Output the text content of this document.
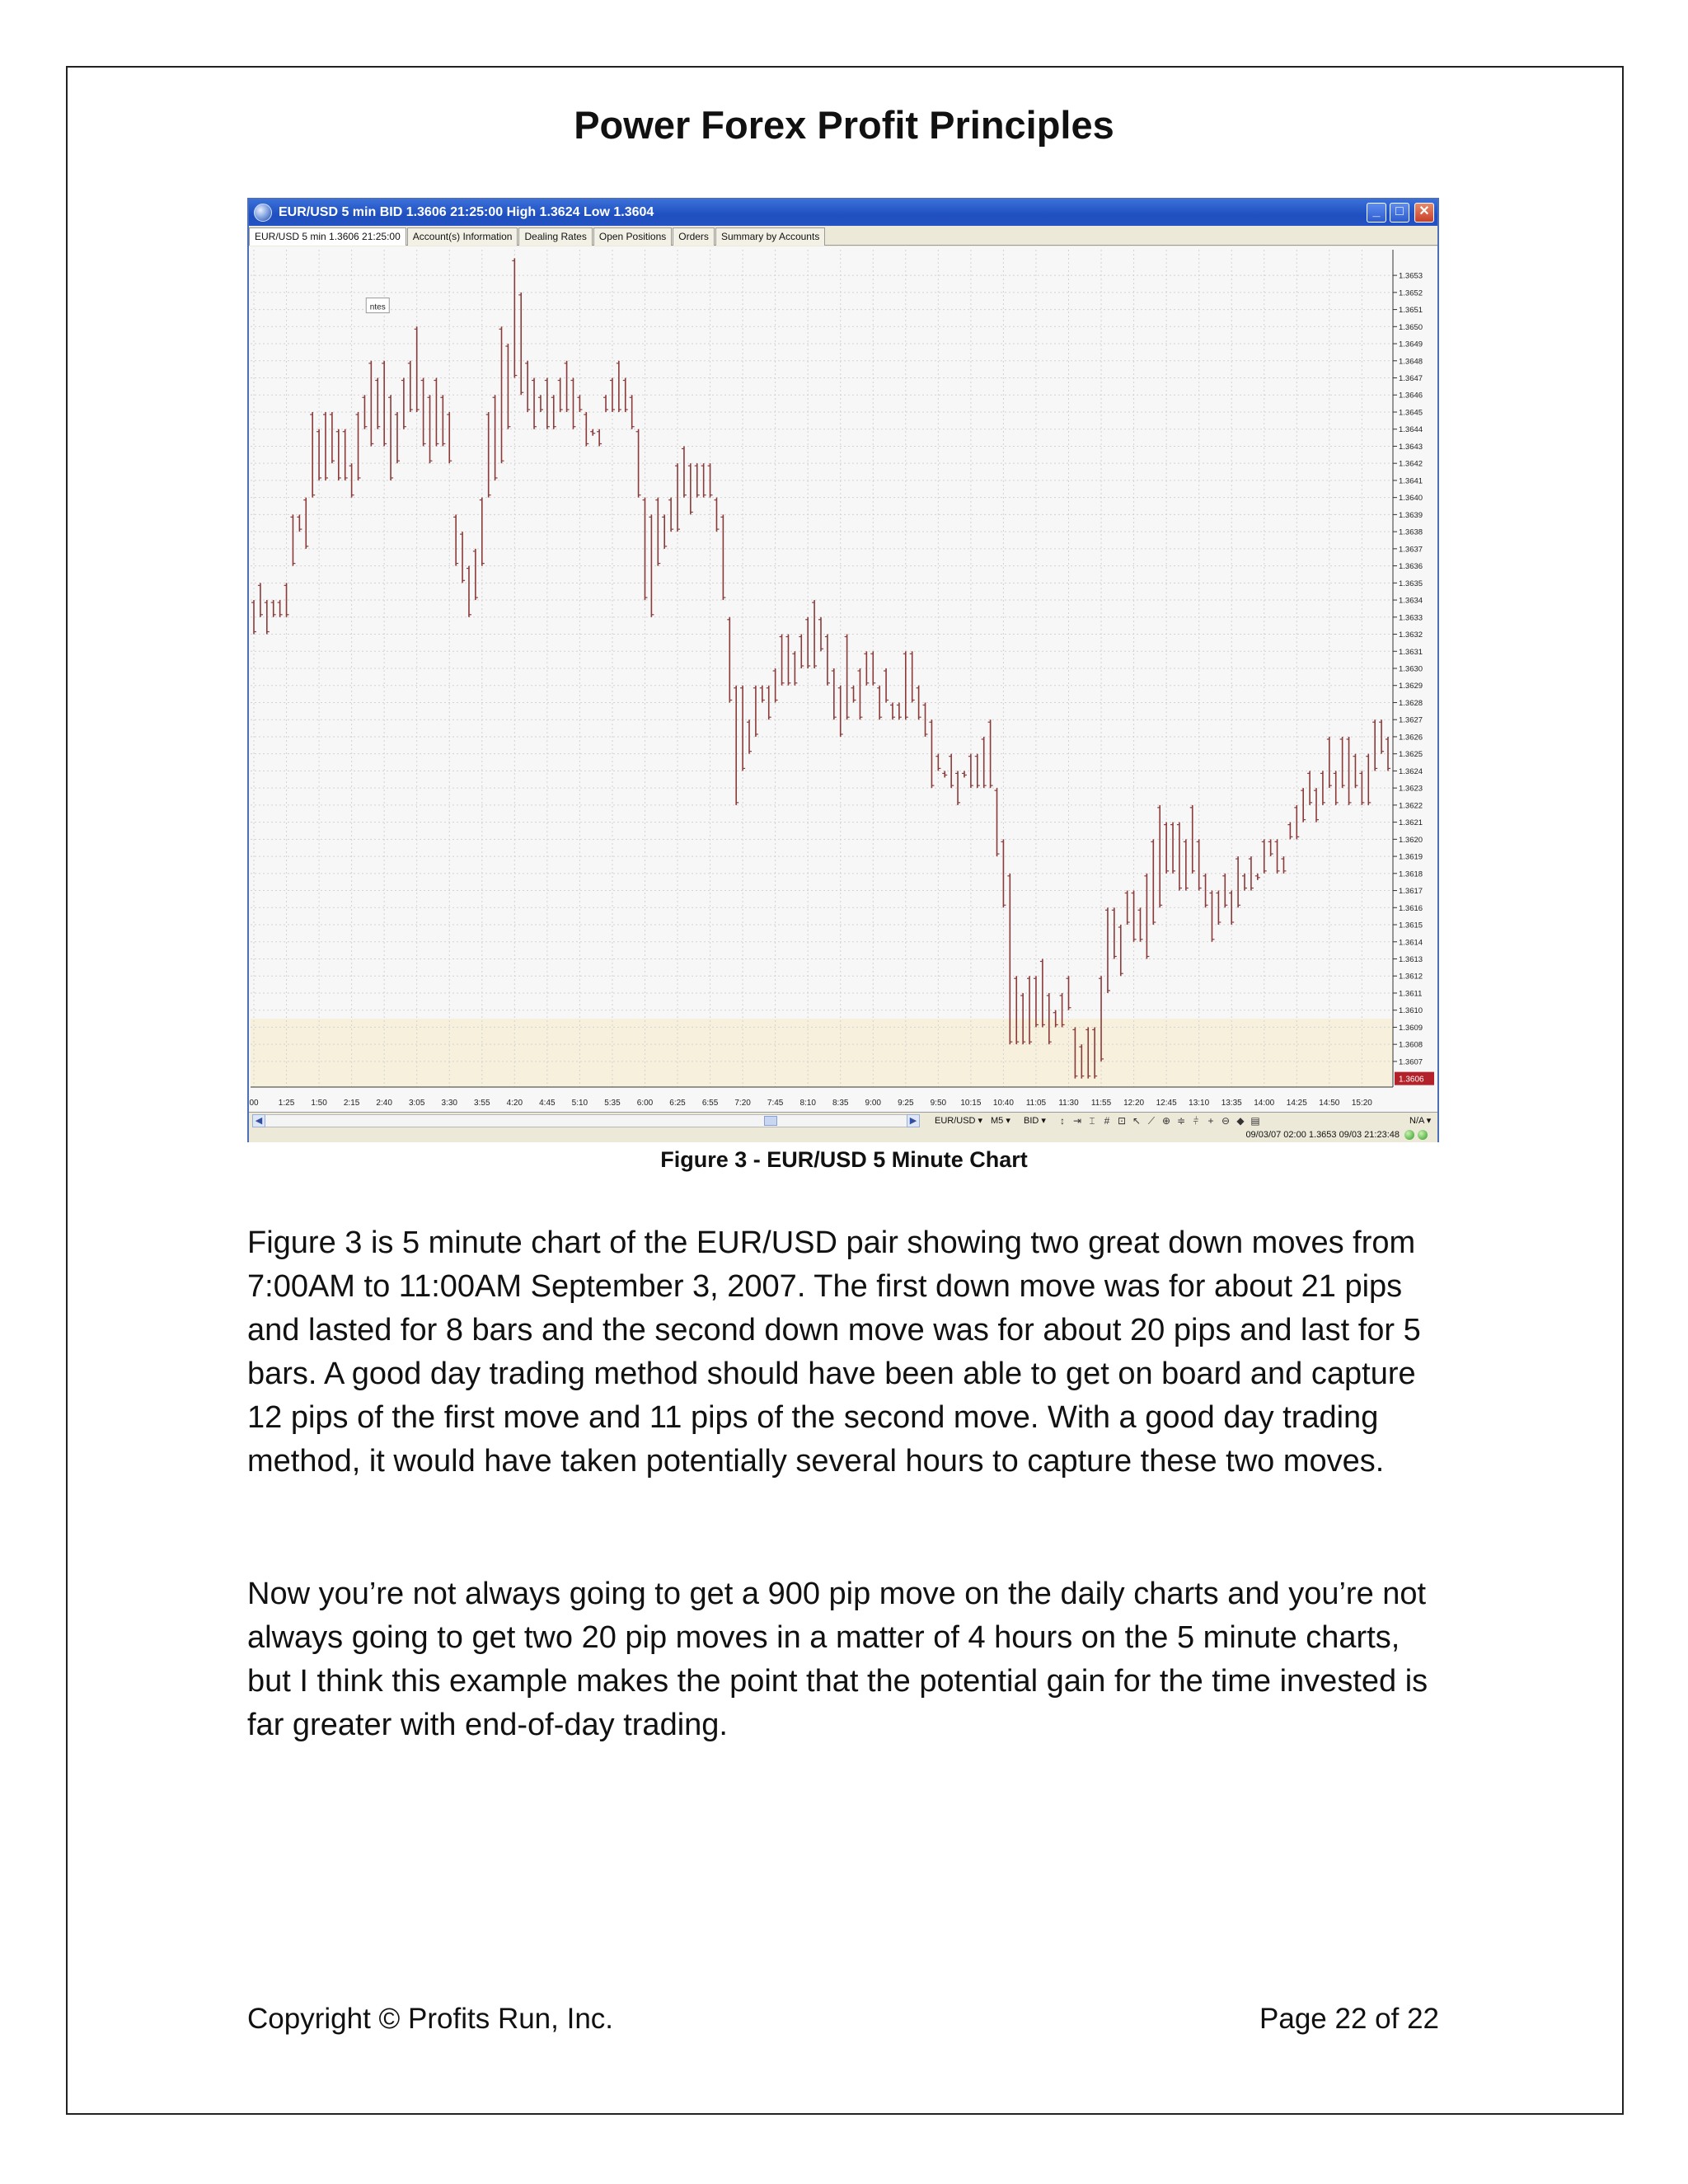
Power Forex Profit Principles
EUR/USD 5 min BID 1.3606 21:25:00 High 1.3624 Low 1.3604	_	□	✕
EUR/USD 5 min 1.3606 21:25:00 Account(s) Information Dealing Rates Open Positions Orders Summary by Accounts
00 1:25 1:50 2:15 2:40 3:05 3:30 3:55 4:20 4:45 5:10 5:35 6:00 6:25 6:55 7:20 7:45 8:10 8:35 9:00 9:25 9:50 10:15 10:40 11:05 11:30 11:55 12:20 12:45 13:10 13:35 14:00 14:25 14:50 15:20
1.3653
1.3652
1.3651
1.3650
1.3649
1.3648
1.3647
1.3646
1.3645
1.3644
1.3643
1.3642
1.3641
1.3640
1.3639
1.3638
1.3637
1.3636
1.3635
1.3634
1.3633
1.3632
1.3631
1.3630
1.3629
1.3628
1.3627
1.3626
1.3625
1.3624
1.3623
1.3622
1.3621
1.3620
1.3619
1.3618
1.3617
1.3616
1.3615
1.3614
1.3613
1.3612
1.3611
1.3610
1.3609
1.3608
1.3607
ntes
1.3606
◀	▶	EUR/USD ▾ M5 ▾ BID ▾	↕ ⇥ ⌶ # ⊡ ↖ ⟋ ⊕ ≑ ⫩ + ⊖ ◆ ▤	N/A ▾
09/03/07 02:00 1.3653 09/03 21:23:48
Figure 3 - EUR/USD 5 Minute Chart

Figure 3 is 5 minute chart of the EUR/USD pair showing two great down moves from 7:00AM to 11:00AM September 3, 2007. The first down move was for about 21 pips and lasted for 8 bars and the second down move was for about 20 pips and last for 5 bars. A good day trading method should have been able to get on board and capture 12 pips of the first move and 11 pips of the second move. With a good day trading method, it would have taken potentially several hours to capture these two moves.

Now you’re not always going to get a 900 pip move on the daily charts and you’re not always going to get two 20 pip moves in a matter of 4 hours on the 5 minute charts, but I think this example makes the point that the potential gain for the time invested is far greater with end-of-day trading.

Copyright © Profits Run, Inc.	Page 22 of 22
